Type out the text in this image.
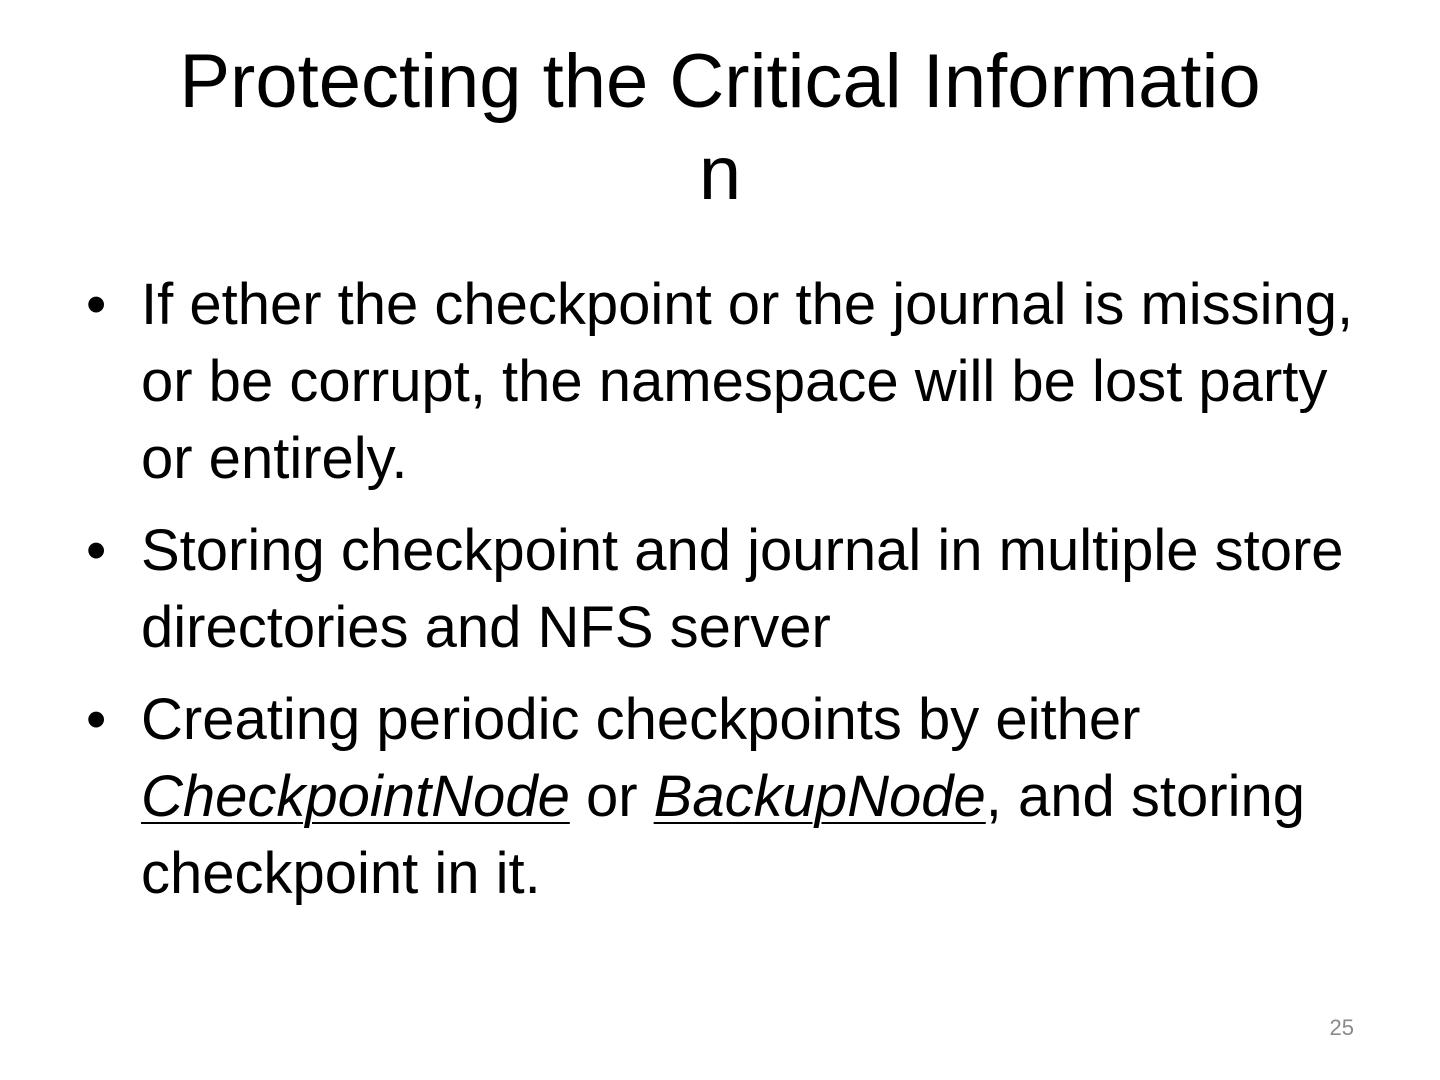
Protecting the Critical Informatio
n
• If ether the checkpoint or the journal is missing, or be corrupt, the namespace will be lost party or entirely.
• Storing checkpoint and journal in multiple store directories and NFS server
• Creating periodic checkpoints by either CheckpointNode or BackupNode, and storing checkpoint in it.
25
